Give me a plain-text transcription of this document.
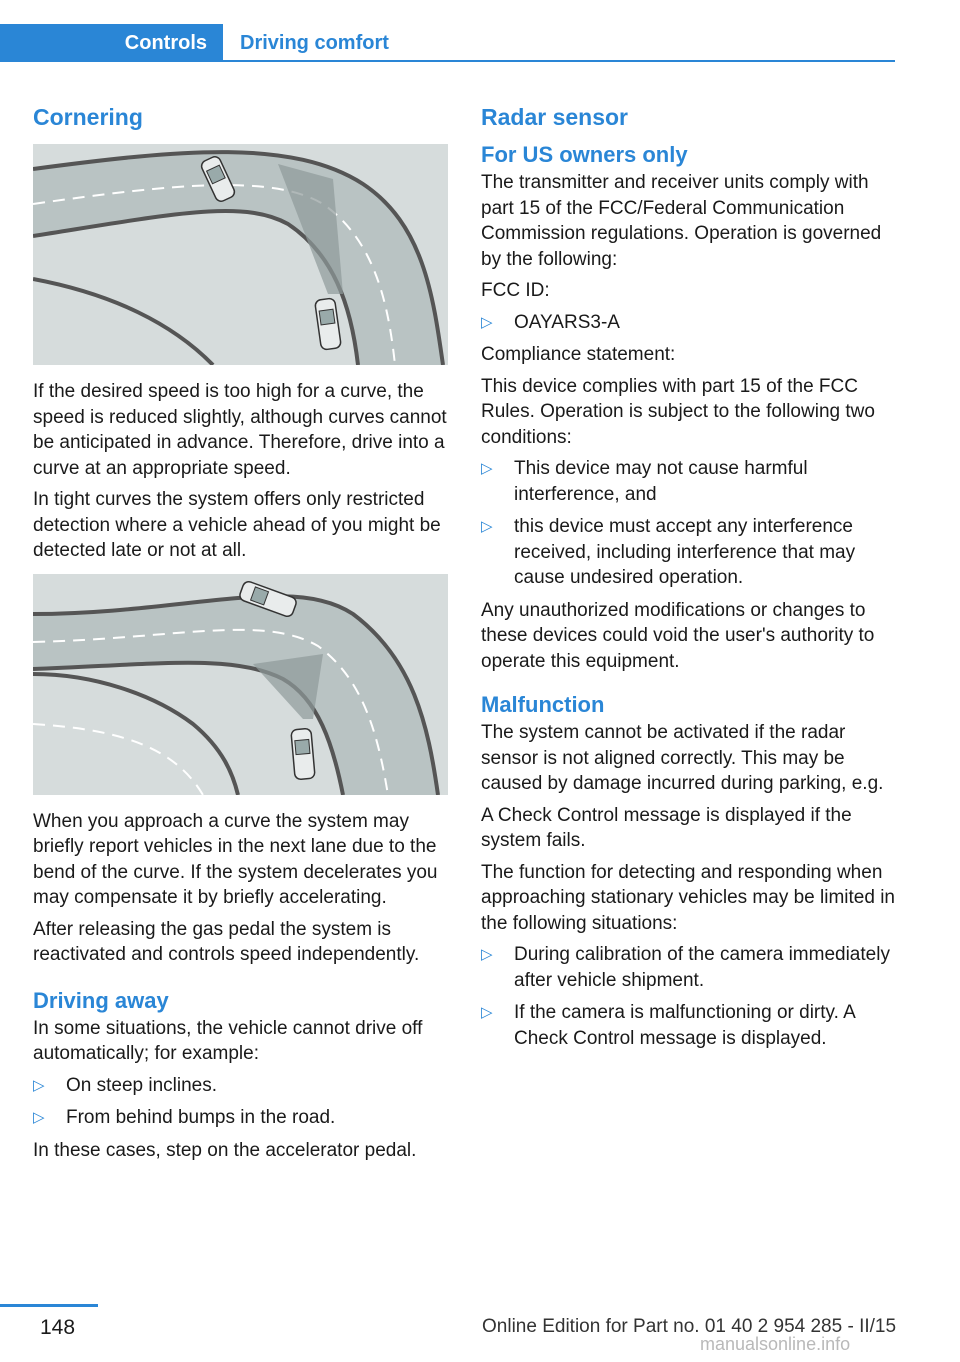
Controls Driving comfort
Cornering

If the desired speed is too high for a curve, the speed is reduced slightly, although curves cannot be anticipated in advance. Therefore, drive into a curve at an appropriate speed.

In tight curves the system offers only restricted detection where a vehicle ahead of you might be detected late or not at all.

When you approach a curve the system may briefly report vehicles in the next lane due to the bend of the curve. If the system decelerates you may compensate it by briefly accelerating.

After releasing the gas pedal the system is reactivated and controls speed independently.

Driving away

In some situations, the vehicle cannot drive off automatically; for example:

▷ On steep inclines.
▷ From behind bumps in the road.

In these cases, step on the accelerator pedal.

Radar sensor
For US owners only

The transmitter and receiver units comply with part 15 of the FCC/Federal Communication Commission regulations. Operation is governed by the following:

FCC ID:

▷ OAYARS3-A

Compliance statement:

This device complies with part 15 of the FCC Rules. Operation is subject to the following two conditions:

▷ This device may not cause harmful interference, and
▷ this device must accept any interference received, including interference that may cause undesired operation.

Any unauthorized modifications or changes to these devices could void the user's authority to operate this equipment.

Malfunction

The system cannot be activated if the radar sensor is not aligned correctly. This may be caused by damage incurred during parking, e.g.

A Check Control message is displayed if the system fails.

The function for detecting and responding when approaching stationary vehicles may be limited in the following situations:

▷ During calibration of the camera immediately after vehicle shipment.
▷ If the camera is malfunctioning or dirty. A Check Control message is displayed.
148	Online Edition for Part no. 01 40 2 954 285 - II/15
manualsonline.info
